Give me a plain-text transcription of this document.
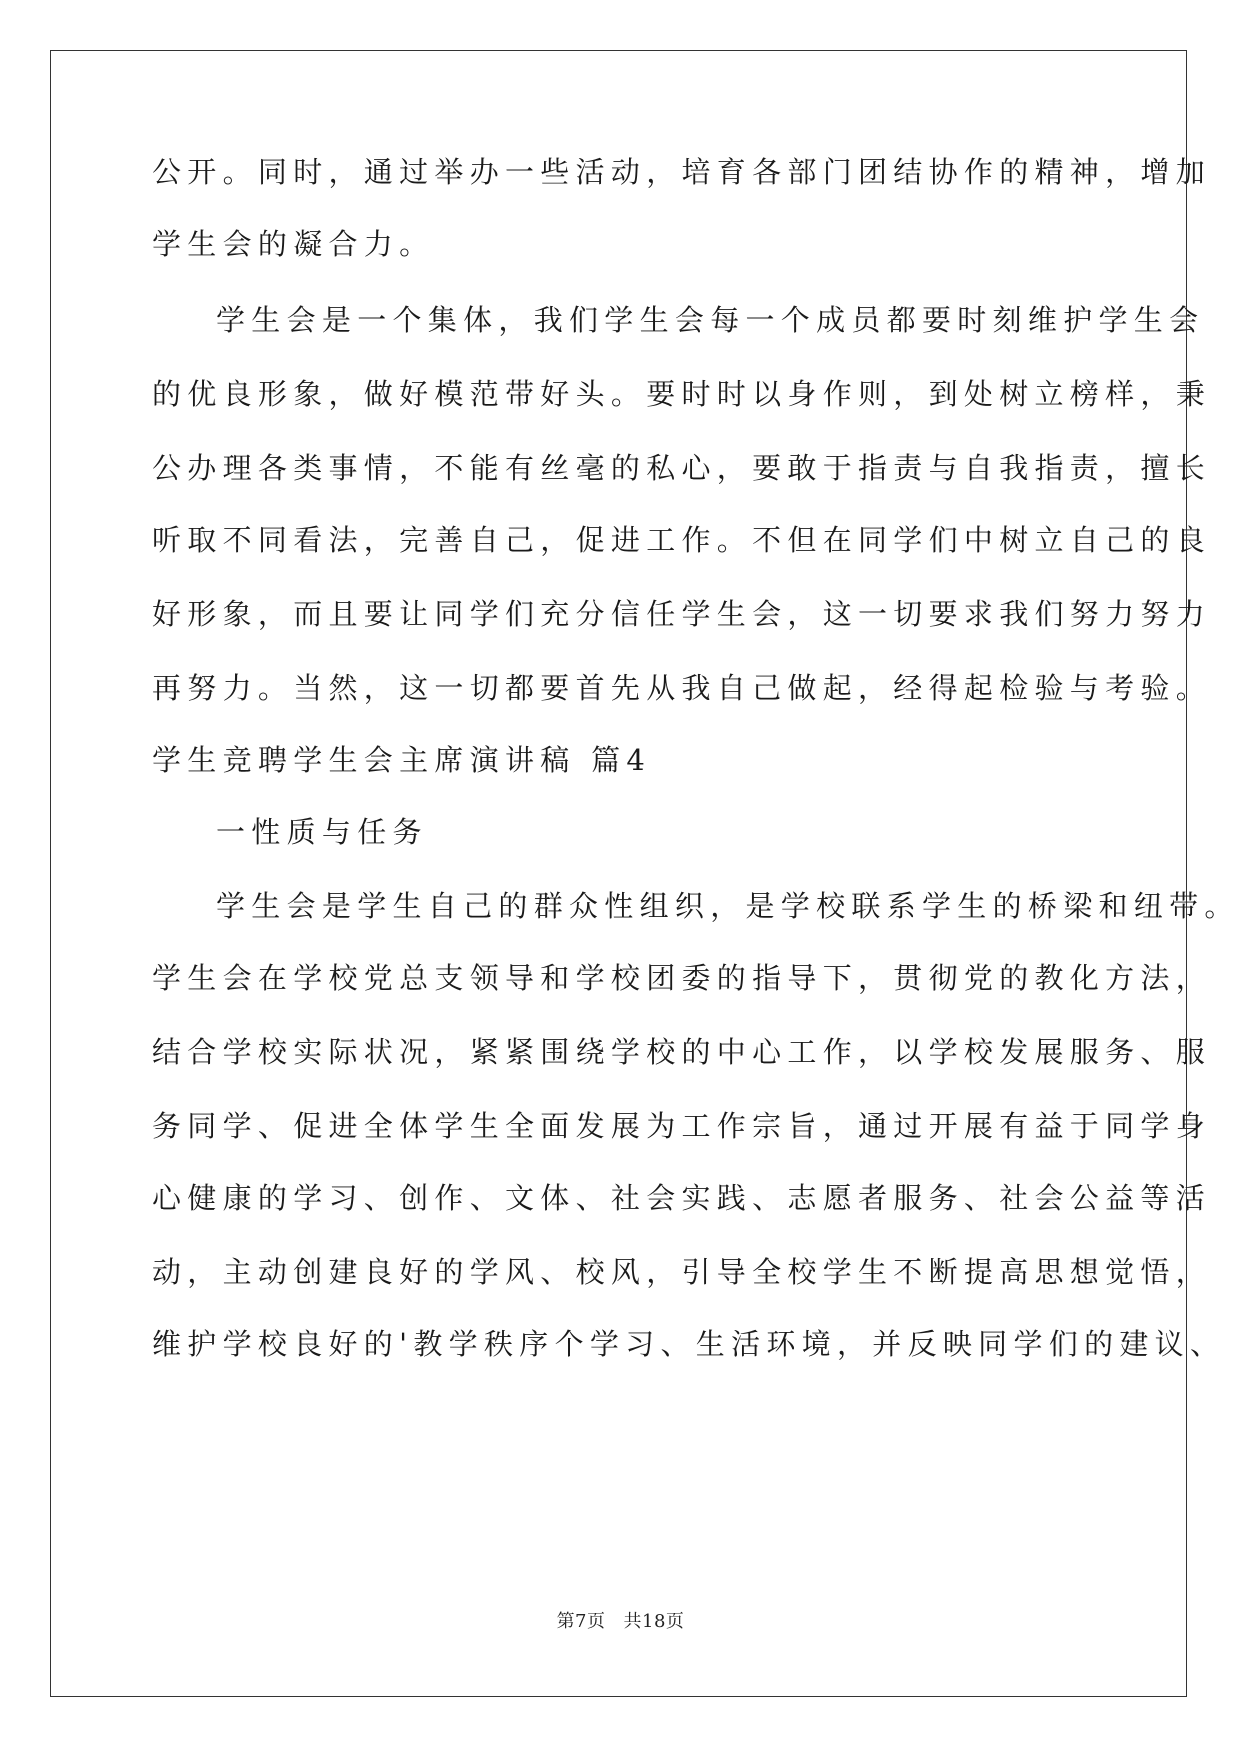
公开。同时，通过举办一些活动，培育各部门团结协作的精神，增加
学生会的凝合力。
学生会是一个集体，我们学生会每一个成员都要时刻维护学生会
的优良形象，做好模范带好头。要时时以身作则，到处树立榜样，秉
公办理各类事情，不能有丝毫的私心，要敢于指责与自我指责，擅长
听取不同看法，完善自己，促进工作。不但在同学们中树立自己的良
好形象，而且要让同学们充分信任学生会，这一切要求我们努力努力
再努力。当然，这一切都要首先从我自己做起，经得起检验与考验。
学生竞聘学生会主席演讲稿 篇4
一性质与任务
学生会是学生自己的群众性组织，是学校联系学生的桥梁和纽带。
学生会在学校党总支领导和学校团委的指导下，贯彻党的教化方法，
结合学校实际状况，紧紧围绕学校的中心工作，以学校发展服务、服
务同学、促进全体学生全面发展为工作宗旨，通过开展有益于同学身
心健康的学习、创作、文体、社会实践、志愿者服务、社会公益等活
动，主动创建良好的学风、校风，引导全校学生不断提高思想觉悟，
维护学校良好的'教学秩序个学习、生活环境，并反映同学们的建议、
第7页 共18页
